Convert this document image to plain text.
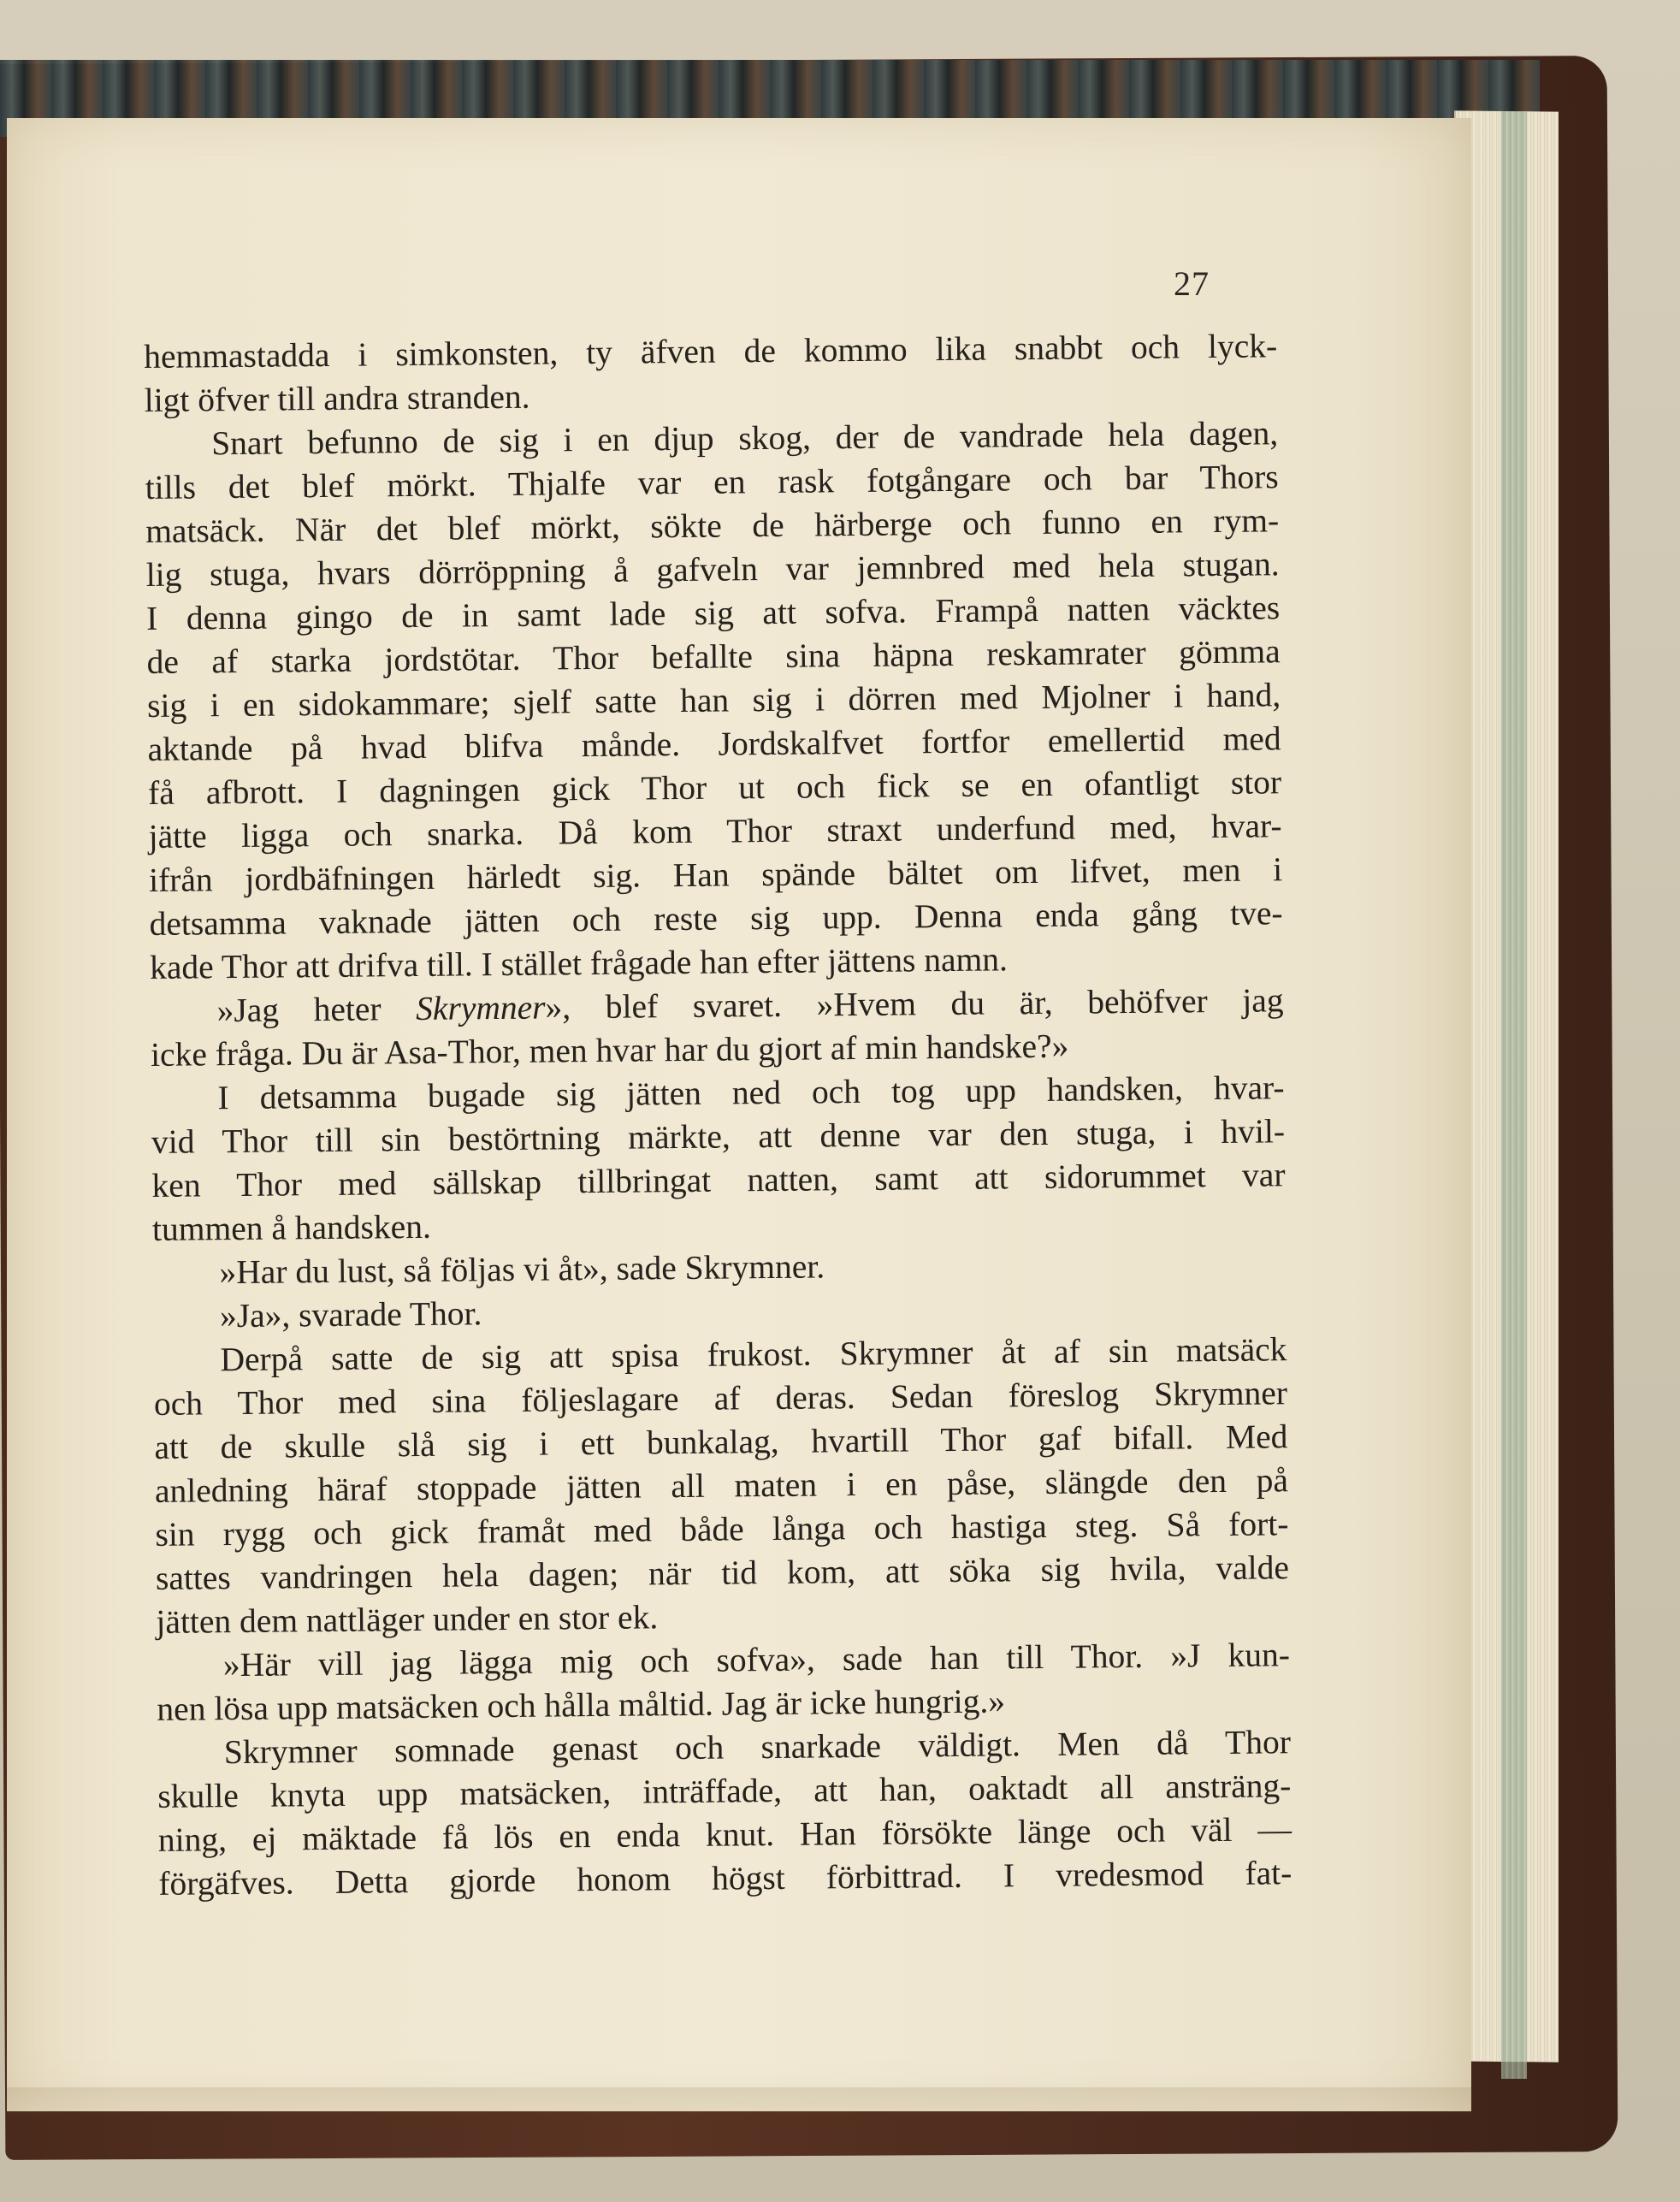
27
hemmastadda i simkonsten, ty äfven de kommo lika snabbt och lyck-
ligt öfver till andra stranden.
Snart befunno de sig i en djup skog, der de vandrade hela dagen,
tills det blef mörkt. Thjalfe var en rask fotgångare och bar Thors
matsäck. När det blef mörkt, sökte de härberge och funno en rym-
lig stuga, hvars dörröppning å gafveln var jemnbred med hela stugan.
I denna gingo de in samt lade sig att sofva. Frampå natten väcktes
de af starka jordstötar. Thor befallte sina häpna reskamrater gömma
sig i en sidokammare; sjelf satte han sig i dörren med Mjolner i hand,
aktande på hvad blifva månde. Jordskalfvet fortfor emellertid med
få afbrott. I dagningen gick Thor ut och fick se en ofantligt stor
jätte ligga och snarka. Då kom Thor straxt underfund med, hvar-
ifrån jordbäfningen härledt sig. Han spände bältet om lifvet, men i
detsamma vaknade jätten och reste sig upp. Denna enda gång tve-
kade Thor att drifva till. I stället frågade han efter jättens namn.
»Jag heter Skrymner», blef svaret. »Hvem du är, behöfver jag
icke fråga. Du är Asa-Thor, men hvar har du gjort af min handske?»
I detsamma bugade sig jätten ned och tog upp handsken, hvar-
vid Thor till sin bestörtning märkte, att denne var den stuga, i hvil-
ken Thor med sällskap tillbringat natten, samt att sidorummet var
tummen å handsken.
»Har du lust, så följas vi åt», sade Skrymner.
»Ja», svarade Thor.
Derpå satte de sig att spisa frukost. Skrymner åt af sin matsäck
och Thor med sina följeslagare af deras. Sedan föreslog Skrymner
att de skulle slå sig i ett bunkalag, hvartill Thor gaf bifall. Med
anledning häraf stoppade jätten all maten i en påse, slängde den på
sin rygg och gick framåt med både långa och hastiga steg. Så fort-
sattes vandringen hela dagen; när tid kom, att söka sig hvila, valde
jätten dem nattläger under en stor ek.
»Här vill jag lägga mig och sofva», sade han till Thor. »J kun-
nen lösa upp matsäcken och hålla måltid. Jag är icke hungrig.»
Skrymner somnade genast och snarkade väldigt. Men då Thor
skulle knyta upp matsäcken, inträffade, att han, oaktadt all ansträng-
ning, ej mäktade få lös en enda knut. Han försökte länge och väl —
förgäfves. Detta gjorde honom högst förbittrad. I vredesmod fat-
